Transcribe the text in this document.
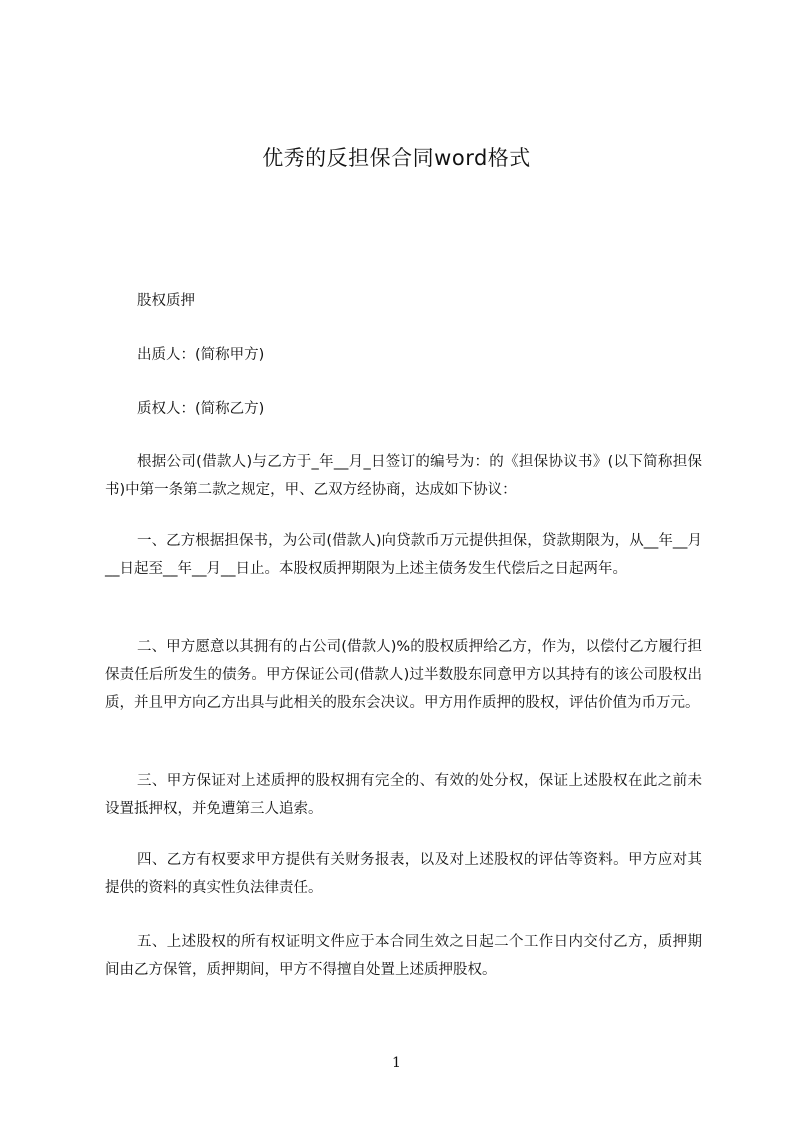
优秀的反担保合同word格式

股权质押

出质人：(简称甲方)

质权人：(简称乙方)

根据公司(借款人)与乙方于_年__月_日签订的编号为：的《担保协议书》(以下简称担保书)中第一条第二款之规定，甲、乙双方经协商，达成如下协议：

一、乙方根据担保书，为公司(借款人)向贷款币万元提供担保，贷款期限为，从__年__月__日起至__年__月__日止。本股权质押期限为上述主债务发生代偿后之日起两年。

二、甲方愿意以其拥有的占公司(借款人)%的股权质押给乙方，作为，以偿付乙方履行担保责任后所发生的债务。甲方保证公司(借款人)过半数股东同意甲方以其持有的该公司股权出质，并且甲方向乙方出具与此相关的股东会决议。甲方用作质押的股权，评估价值为币万元。

三、甲方保证对上述质押的股权拥有完全的、有效的处分权，保证上述股权在此之前未设置抵押权，并免遭第三人追索。

四、乙方有权要求甲方提供有关财务报表，以及对上述股权的评估等资料。甲方应对其提供的资料的真实性负法律责任。

五、上述股权的所有权证明文件应于本合同生效之日起二个工作日内交付乙方，质押期间由乙方保管，质押期间，甲方不得擅自处置上述质押股权。

1
